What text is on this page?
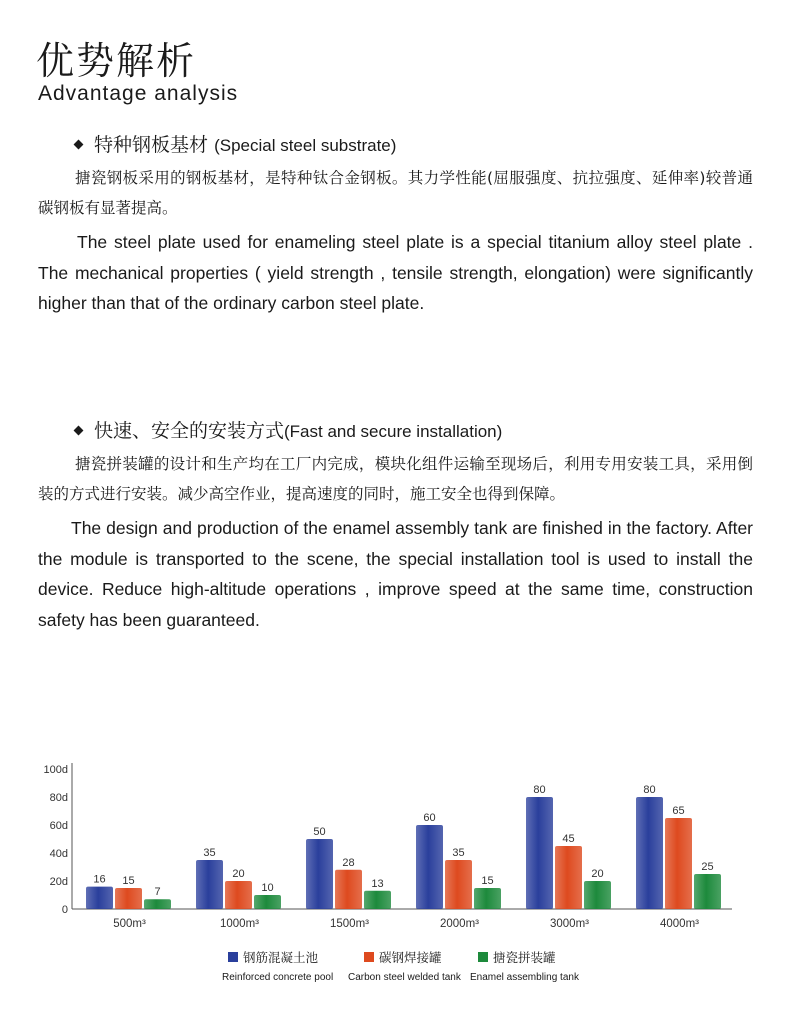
优势解析
Advantage analysis
特种钢板基材 (Special steel substrate)

搪瓷钢板采用的钢板基材，是特种钛合金钢板。其力学性能(屈服强度、抗拉强度、延伸率)较普通碳钢板有显著提高。

The steel plate used for enameling steel plate is a special titanium alloy steel plate . The mechanical properties ( yield strength , tensile strength, elongation) were significantly higher than that of the ordinary carbon steel plate.

快速、安全的安装方式(Fast and secure installation)

搪瓷拼装罐的设计和生产均在工厂内完成，模块化组件运输至现场后，利用专用安装工具，采用倒装的方式进行安装。减少高空作业，提高速度的同时，施工安全也得到保障。

The design and production of the enamel assembly tank are finished in the factory. After the module is transported to the scene, the special installation tool is used to install the device. Reduce high-altitude operations , improve speed at the same time, construction safety has been guaranteed.

0
20d
40d
60d
80d
100d
16 15
7
500m³
35
20
10
1000m³
50
28
13
1500m³
60
35
15
2000m³
80
45
20
3000m³
80
65
25
4000m³
钢筋混凝土池
Reinforced concrete pool
碳钢焊接罐
Carbon steel welded tank
搪瓷拼装罐
Enamel assembling tank
